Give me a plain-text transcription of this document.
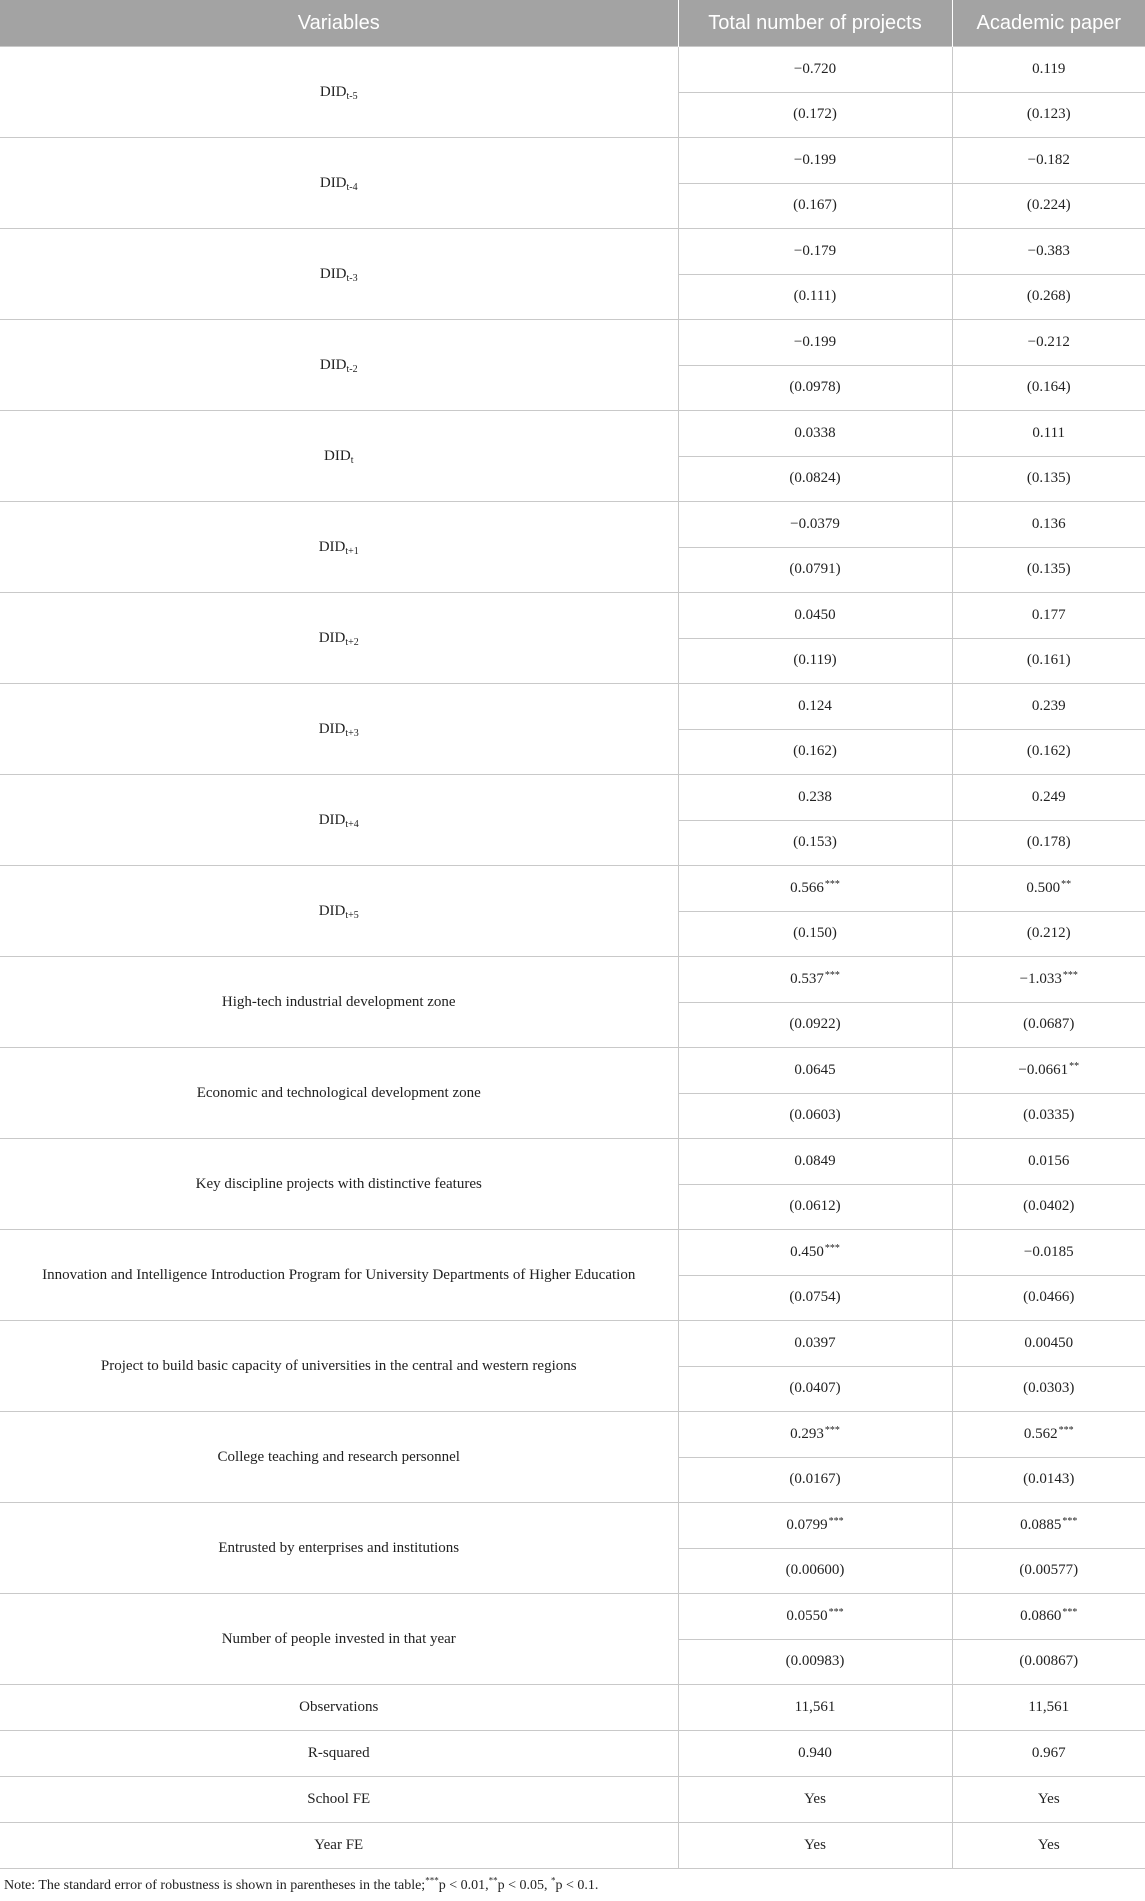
Variables	Total number of projects	Academic paper
$DID_{t-5}$	−0.720	0.119
	(0.172)	(0.123)
$DID_{t-4}$	−0.199	−0.182
	(0.167)	(0.224)
$DID_{t-3}$	−0.179	−0.383
	(0.111)	(0.268)
$DID_{t-2}$	−0.199	−0.212
	(0.0978)	(0.164)
$DID_t$	0.0338	0.111
	(0.0824)	(0.135)
$DID_{t+1}$	−0.0379	0.136
	(0.0791)	(0.135)
$DID_{t+2}$	0.0450	0.177
	(0.119)	(0.161)
$DID_{t+3}$	0.124	0.239
	(0.162)	(0.162)
$DID_{t+4}$	0.238	0.249
	(0.153)	(0.178)
$DID_{t+5}$	0.566***	0.500**
	(0.150)	(0.212)
High-tech industrial development zone	0.537***	−1.033***
	(0.0922)	(0.0687)
Economic and technological development zone	0.0645	−0.0661**
	(0.0603)	(0.0335)
Key discipline projects with distinctive features	0.0849	0.0156
	(0.0612)	(0.0402)
Innovation and Intelligence Introduction Program for University Departments of Higher Education	0.450***	−0.0185
	(0.0754)	(0.0466)
Project to build basic capacity of universities in the central and western regions	0.0397	0.00450
	(0.0407)	(0.0303)
College teaching and research personnel	0.293***	0.562***
	(0.0167)	(0.0143)
Entrusted by enterprises and institutions	0.0799***	0.0885***
	(0.00600)	(0.00577)
Number of people invested in that year	0.0550***	0.0860***
	(0.00983)	(0.00867)
Observations	11,561	11,561
R-squared	0.940	0.967
School FE	Yes	Yes
Year FE	Yes	Yes

Note: The standard error of robustness is shown in parentheses in the table;***p < 0.01,**p < 0.05, *p < 0.1.
